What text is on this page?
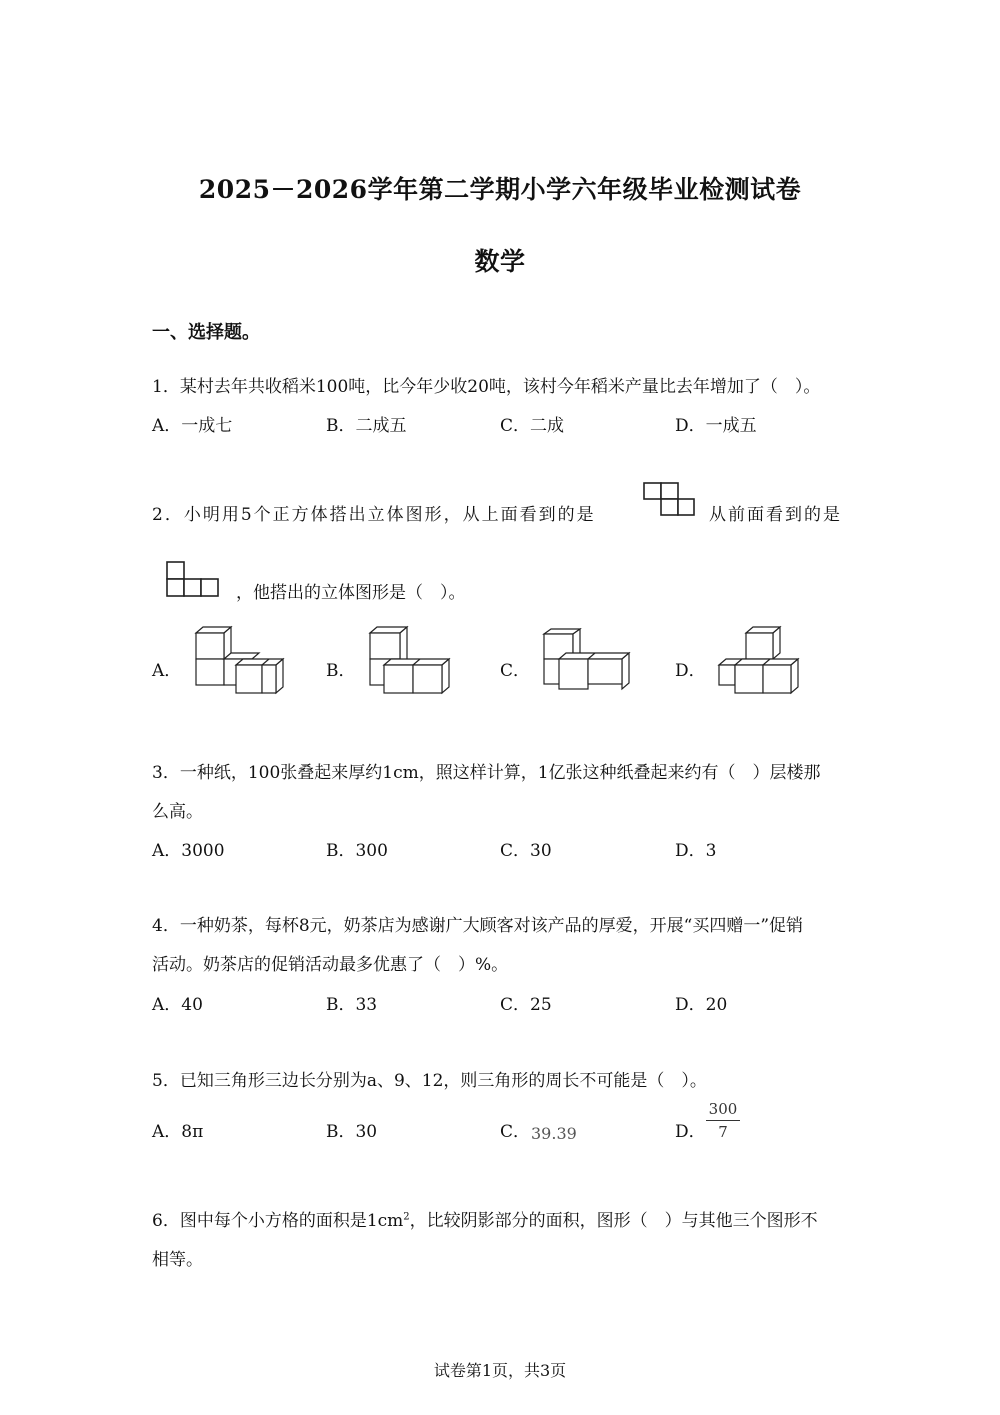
2025－2026学年第二学期小学六年级毕业检测试卷
数学
一、选择题。
1．某村去年共收稻米100吨，比今年少收20吨，该村今年稻米产量比去年增加了（　）。
A．一成七	B．二成五	C．二成	D．一成五
2．小明用5个正方体搭出立体图形，从上面看到的是	从前面看到的是
，他搭出的立体图形是（　）。
A．	B．	C．	D．
3．一种纸，100张叠起来厚约1cm，照这样计算，1亿张这种纸叠起来约有（　）层楼那
么高。
A．3000	B．300	C．30	D．3
4．一种奶茶，每杯8元，奶茶店为感谢广大顾客对该产品的厚爱，开展“买四赠一”促销
活动。奶茶店的促销活动最多优惠了（　）%。
A．40	B．33	C．25	D．20
5．已知三角形三边长分别为a、9、12，则三角形的周长不可能是（　）。
A．8π	B．30	C． 39.39	D． $\frac{300}{7}$
6．图中每个小方格的面积是$1cm^2$，比较阴影部分的面积，图形（　）与其他三个图形不
相等。
试卷第1页，共3页
